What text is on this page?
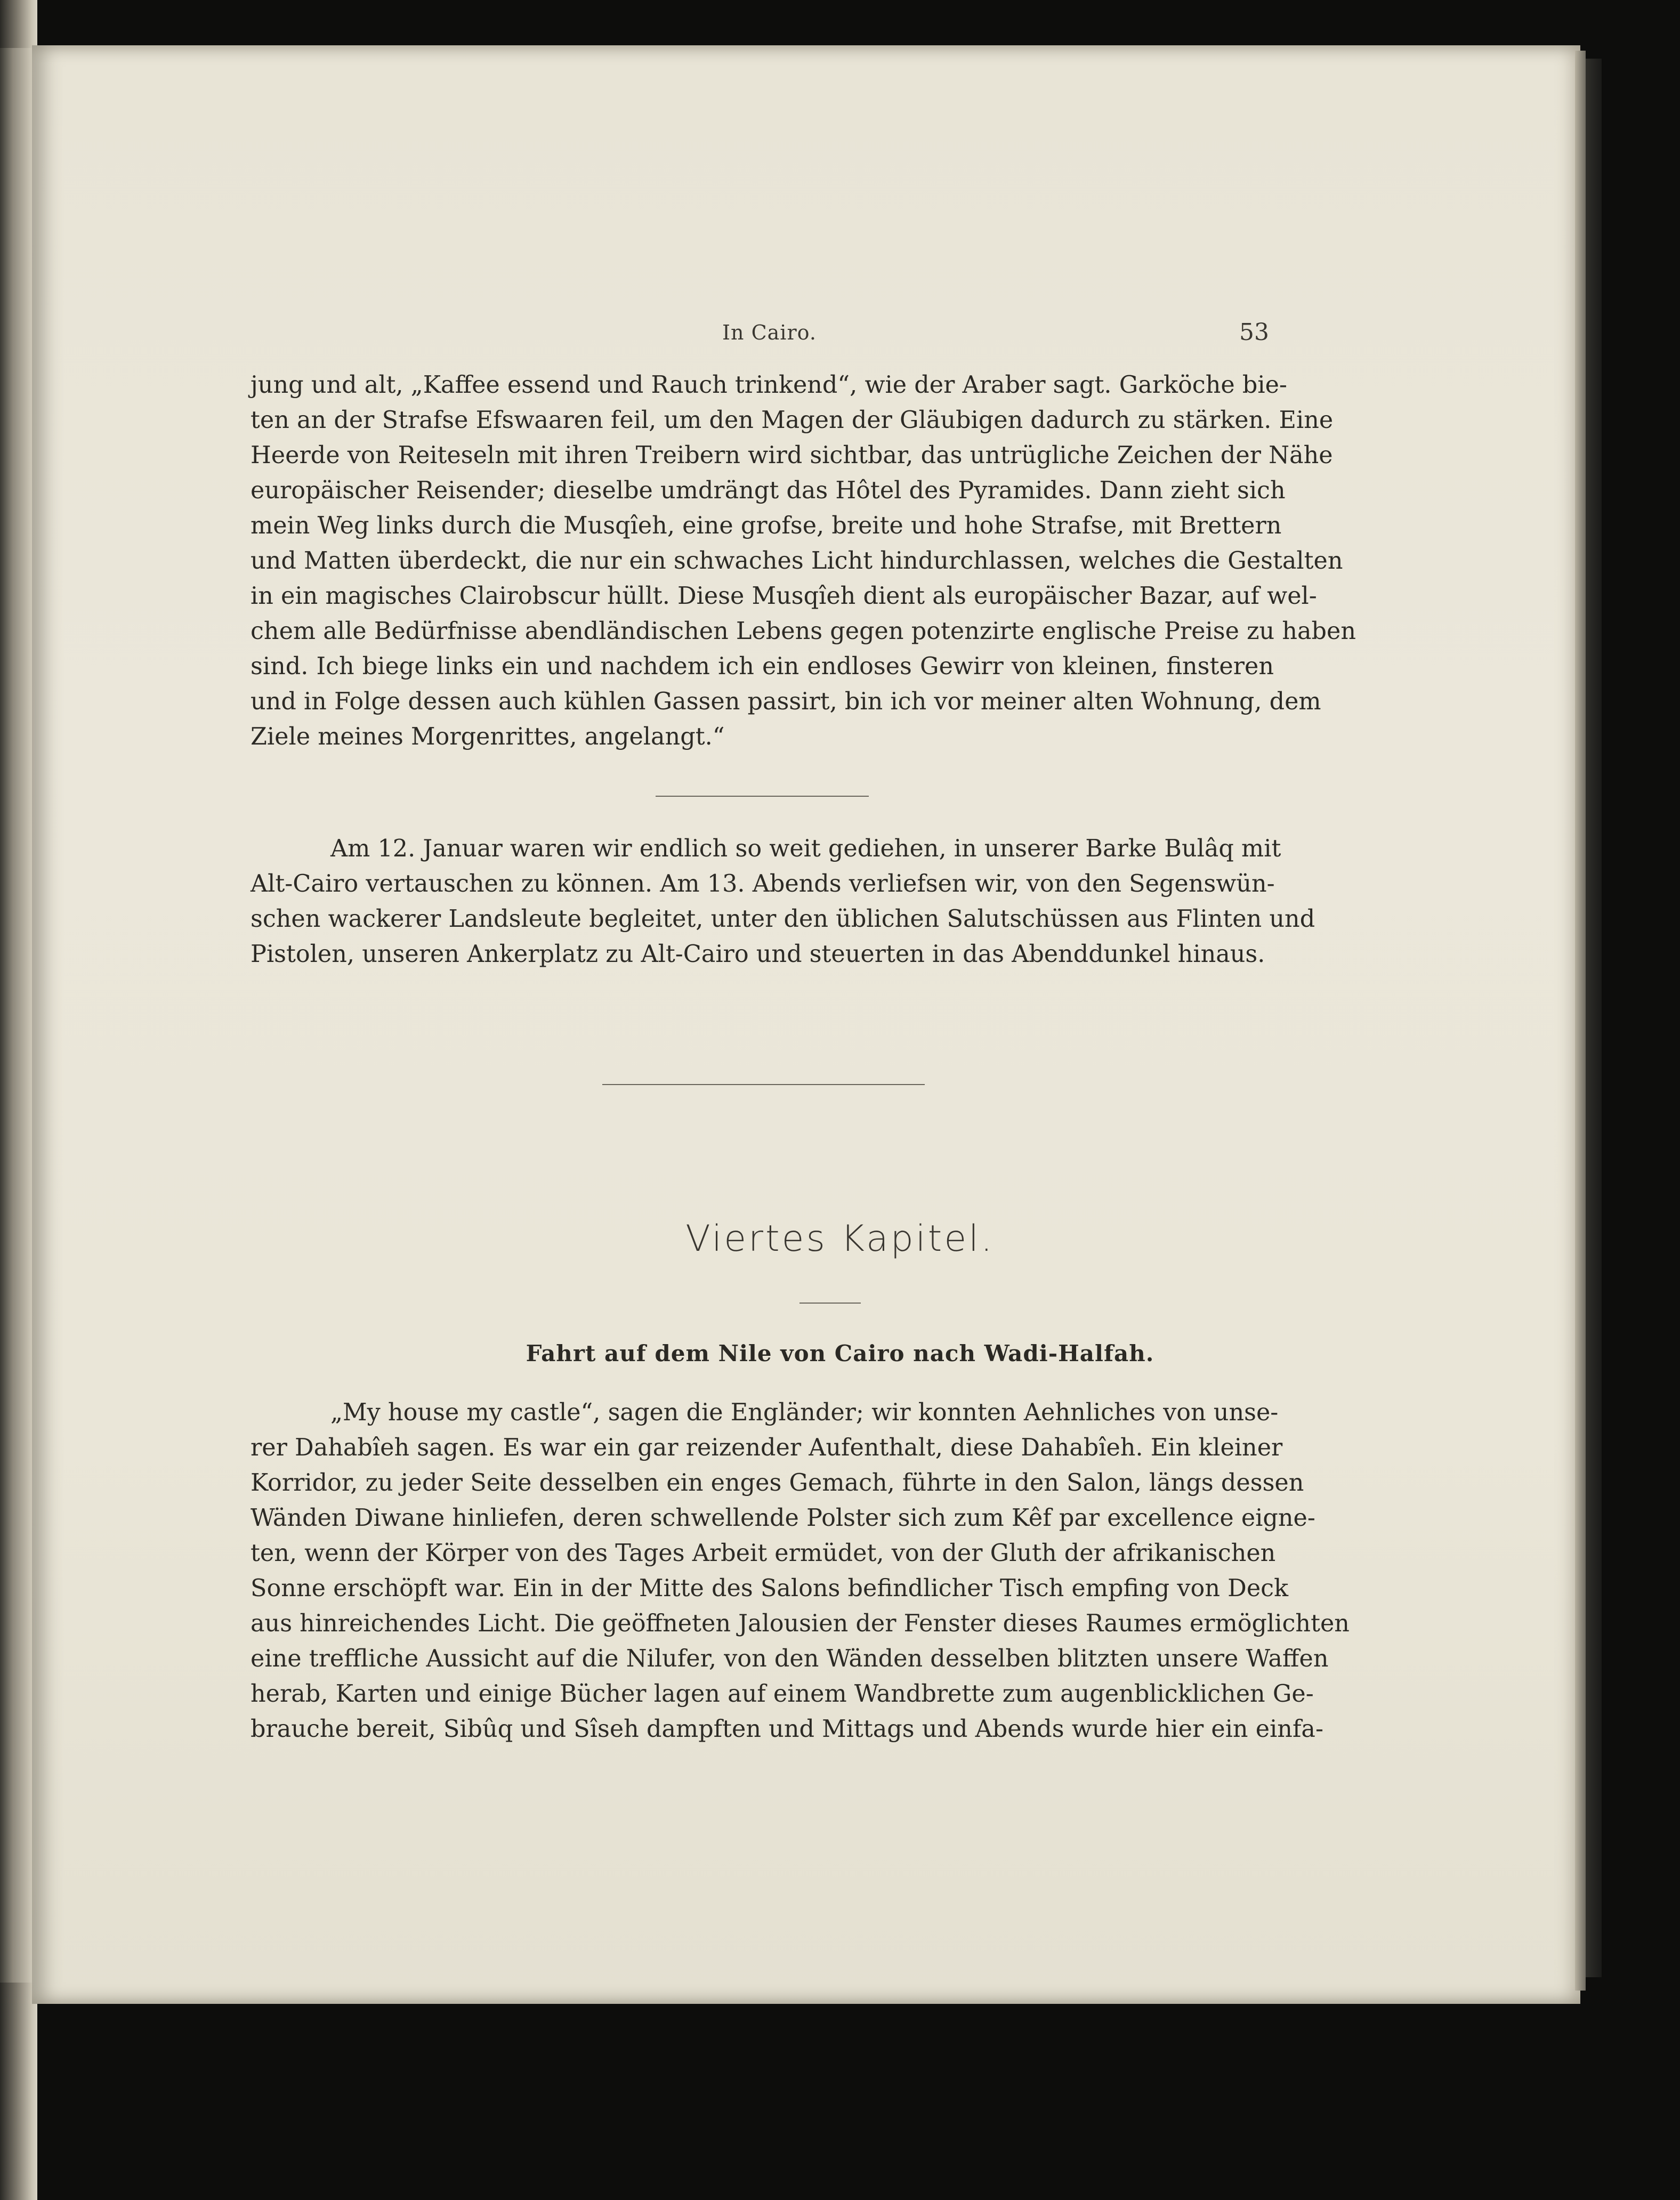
In Cairo.	53
jung und alt, „Kaffee essend und Rauch trinkend“, wie der Araber sagt. Garköche bie-
ten an der Strafse Efswaaren feil, um den Magen der Gläubigen dadurch zu stärken. Eine
Heerde von Reiteseln mit ihren Treibern wird sichtbar, das untrügliche Zeichen der Nähe
europäischer Reisender; dieselbe umdrängt das Hôtel des Pyramides. Dann zieht sich
mein Weg links durch die Musqîeh, eine grofse, breite und hohe Strafse, mit Brettern
und Matten überdeckt, die nur ein schwaches Licht hindurchlassen, welches die Gestalten
in ein magisches Clairobscur hüllt. Diese Musqîeh dient als europäischer Bazar, auf wel-
chem alle Bedürfnisse abendländischen Lebens gegen potenzirte englische Preise zu haben
sind. Ich biege links ein und nachdem ich ein endloses Gewirr von kleinen, finsteren
und in Folge dessen auch kühlen Gassen passirt, bin ich vor meiner alten Wohnung, dem
Ziele meines Morgenrittes, angelangt.“
Am 12. Januar waren wir endlich so weit gediehen, in unserer Barke Bulâq mit
Alt-Cairo vertauschen zu können. Am 13. Abends verliefsen wir, von den Segenswün-
schen wackerer Landsleute begleitet, unter den üblichen Salutschüssen aus Flinten und
Pistolen, unseren Ankerplatz zu Alt-Cairo und steuerten in das Abenddunkel hinaus.
Viertes Kapitel.
Fahrt auf dem Nile von Cairo nach Wadi-Halfah.
„My house my castle“, sagen die Engländer; wir konnten Aehnliches von unse-
rer Dahabîeh sagen. Es war ein gar reizender Aufenthalt, diese Dahabîeh. Ein kleiner
Korridor, zu jeder Seite desselben ein enges Gemach, führte in den Salon, längs dessen
Wänden Diwane hinliefen, deren schwellende Polster sich zum Kêf par excellence eigne-
ten, wenn der Körper von des Tages Arbeit ermüdet, von der Gluth der afrikanischen
Sonne erschöpft war. Ein in der Mitte des Salons befindlicher Tisch empfing von Deck
aus hinreichendes Licht. Die geöffneten Jalousien der Fenster dieses Raumes ermöglichten
eine treffliche Aussicht auf die Nilufer, von den Wänden desselben blitzten unsere Waffen
herab, Karten und einige Bücher lagen auf einem Wandbrette zum augenblicklichen Ge-
brauche bereit, Sibûq und Sîseh dampften und Mittags und Abends wurde hier ein einfa-
